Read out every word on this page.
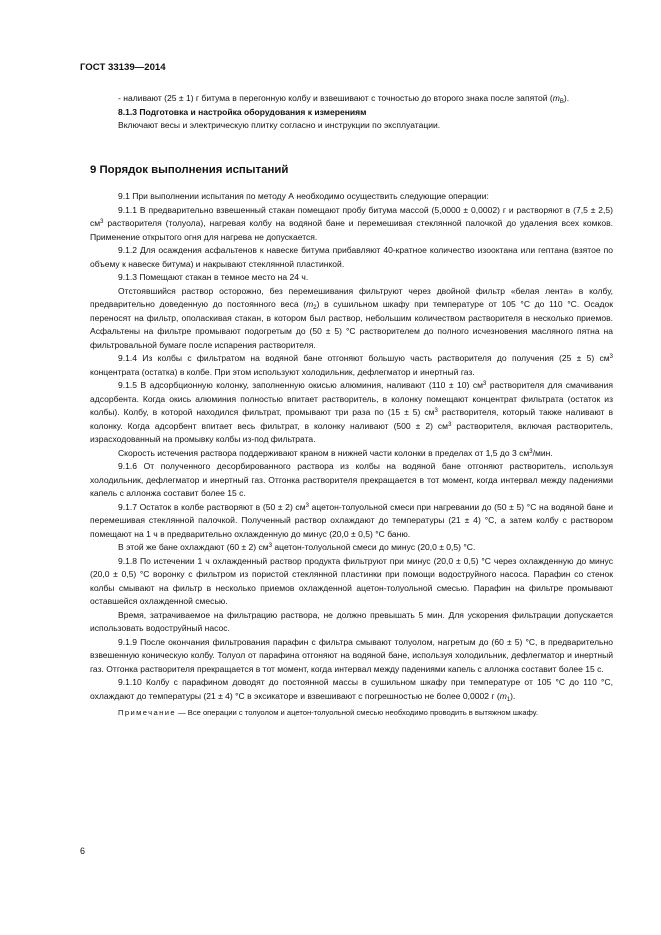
ГОСТ 33139—2014

- наливают (25 ± 1) г битума в перегонную колбу и взвешивают с точностью до второго знака после запятой $(m_B)$.

8.1.3 Подготовка и настройка оборудования к измерениям

Включают весы и электрическую плитку согласно и инструкции по эксплуатации.

9 Порядок выполнения испытаний

9.1 При выполнении испытания по методу А необходимо осуществить следующие операции:

9.1.1 В предварительно взвешенный стакан помещают пробу битума массой (5,0000 ± 0,0002) г и растворяют в (7,5 ± 2,5) $см^3$ растворителя (толуола), нагревая колбу на водяной бане и перемешивая стеклянной палочкой до удаления всех комков. Применение открытого огня для нагрева не допускается.

9.1.2 Для осаждения асфальтенов к навеске битума прибавляют 40-кратное количество изооктана или гептана (взятое по объему к навеске битума) и накрывают стеклянной пластинкой.

9.1.3 Помещают стакан в темное место на 24 ч.

Отстоявшийся раствор осторожно, без перемешивания фильтруют через двойной фильтр «белая лента» в колбу, предварительно доведенную до постоянного веса $(m_2)$ в сушильном шкафу при температуре от 105 °С до 110 °С. Осадок переносят на фильтр, ополаскивая стакан, в котором был раствор, небольшим количеством растворителя в несколько приемов. Асфальтены на фильтре промывают подогретым до (50 ± 5) °С растворителем до полного исчезновения масляного пятна на фильтровальной бумаге после испарения растворителя.

9.1.4 Из колбы с фильтратом на водяной бане отгоняют большую часть растворителя до получения (25 ± 5) $см^3$ концентрата (остатка) в колбе. При этом используют холодильник, дефлегматор и инертный газ.

9.1.5 В адсорбционную колонку, заполненную окисью алюминия, наливают (110 ± 10) $см^3$ растворителя для смачивания адсорбента. Когда окись алюминия полностью впитает растворитель, в колонку помещают концентрат фильтрата (остаток из колбы). Колбу, в которой находился фильтрат, промывают три раза по (15 ± 5) $см^3$ растворителя, который также наливают в колонку. Когда адсорбент впитает весь фильтрат, в колонку наливают (500 ± 2) $см^3$ растворителя, включая растворитель, израсходованный на промывку колбы из-под фильтрата.

Скорость истечения раствора поддерживают краном в нижней части колонки в пределах от 1,5 до 3 $см^3$/мин.

9.1.6 От полученного десорбированного раствора из колбы на водяной бане отгоняют растворитель, используя холодильник, дефлегматор и инертный газ. Отгонка растворителя прекращается в тот момент, когда интервал между падениями капель с аллонжа составит более 15 с.

9.1.7 Остаток в колбе растворяют в (50 ± 2) $см^3$ ацетон-толуольной смеси при нагревании до (50 ± 5) °С на водяной бане и перемешивая стеклянной палочкой. Полученный раствор охлаждают до температуры (21 ± 4) °С, а затем колбу с раствором помещают на 1 ч в предварительно охлажденную до минус (20,0 ± 0,5) °С баню.

В этой же бане охлаждают (60 ± 2) $см^3$ ацетон-толуольной смеси до минус (20,0 ± 0,5) °С.

9.1.8 По истечении 1 ч охлажденный раствор продукта фильтруют при минус (20,0 ± 0,5) °С через охлажденную до минус (20,0 ± 0,5) °С воронку с фильтром из пористой стеклянной пластинки при помощи водоструйного насоса. Парафин со стенок колбы смывают на фильтр в несколько приемов охлажденной ацетон-толуольной смесью. Парафин на фильтре промывают оставшейся охлажденной смесью.

Время, затрачиваемое на фильтрацию раствора, не должно превышать 5 мин. Для ускорения фильтрации допускается использовать водоструйный насос.

9.1.9 После окончания фильтрования парафин с фильтра смывают толуолом, нагретым до (60 ± 5) °С, в предварительно взвешенную коническую колбу. Толуол от парафина отгоняют на водяной бане, используя холодильник, дефлегматор и инертный газ. Отгонка растворителя прекращается в тот момент, когда интервал между падениями капель с аллонжа составит более 15 с.

9.1.10 Колбу с парафином доводят до постоянной массы в сушильном шкафу при температуре от 105 °С до 110 °С, охлаждают до температуры (21 ± 4) °С в эксикаторе и взвешивают с погрешностью не более 0,0002 г $(m_1)$.

Примечание — Все операции с толуолом и ацетон-толуольной смесью необходимо проводить в вытяжном шкафу.

6
